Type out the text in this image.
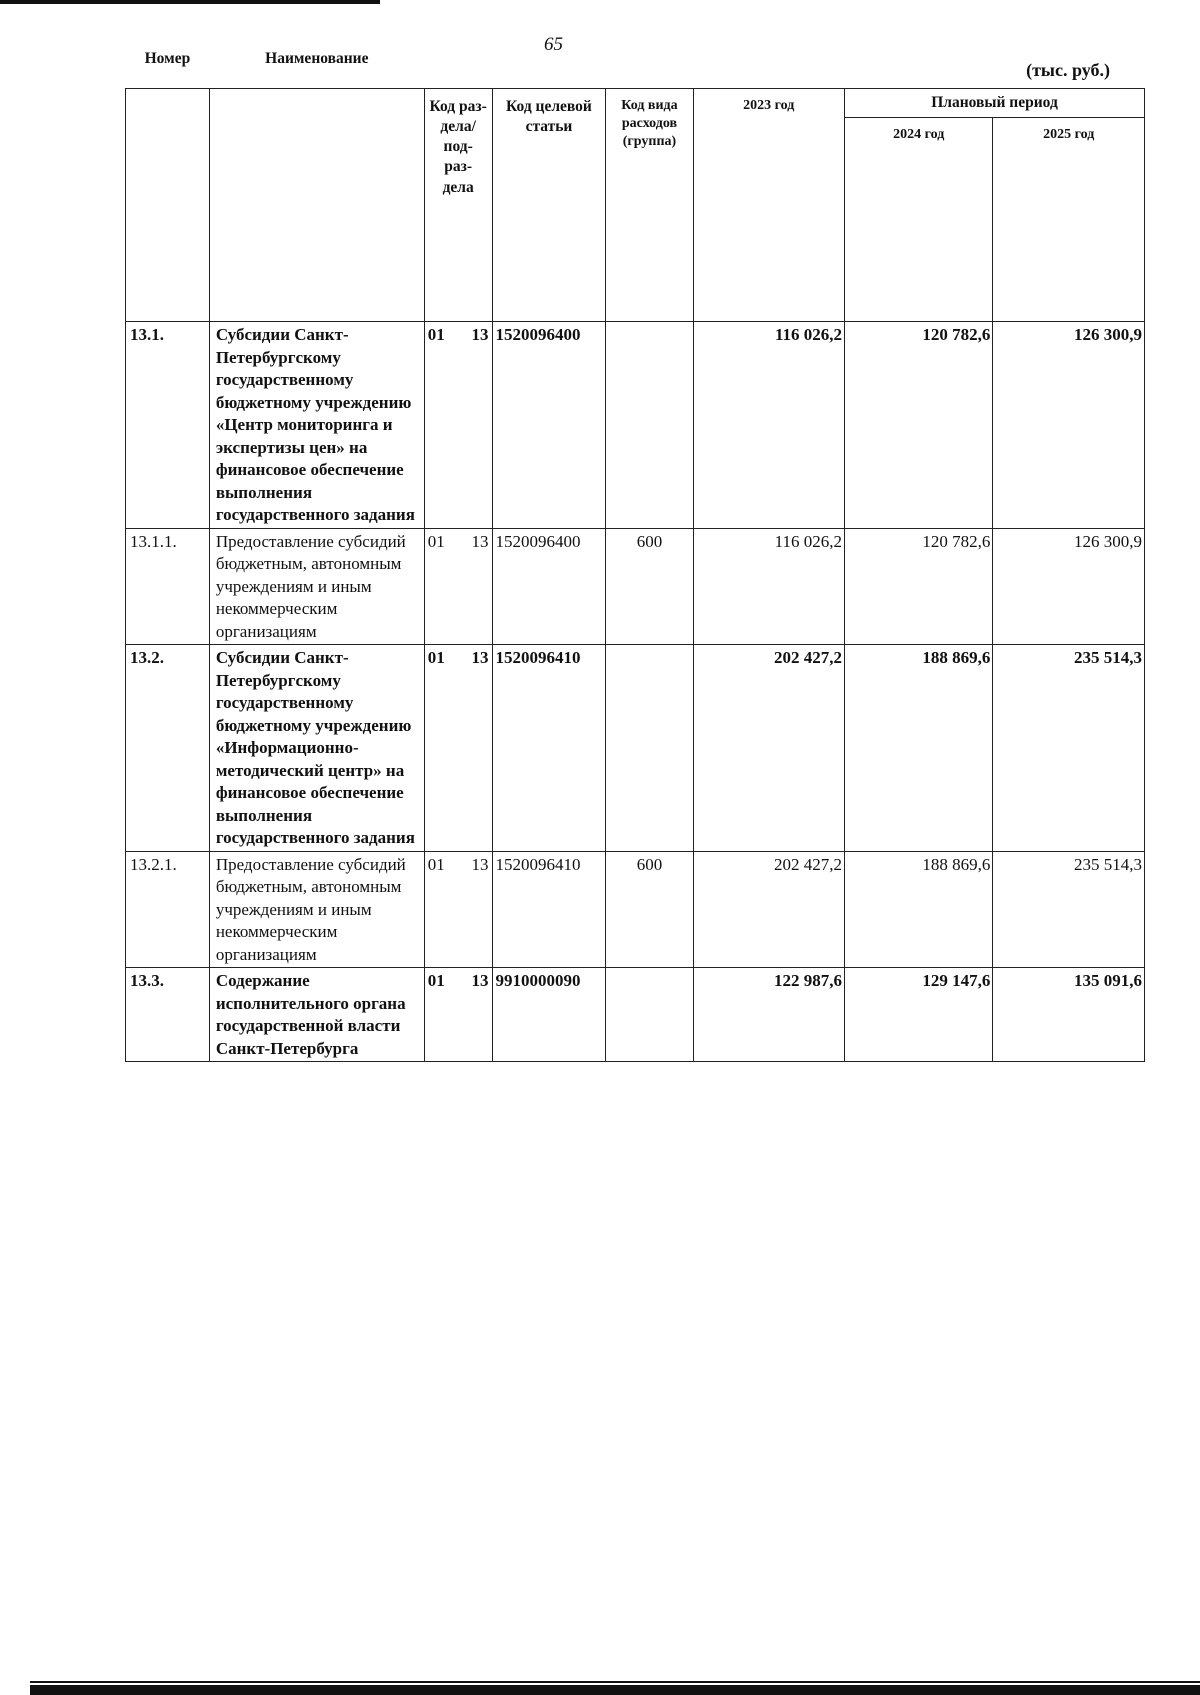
65
(тыс. руб.)
Номер	Наименование	Код раз- дела/ под- раз- дела	Код целевой статьи	Код вида расходов (группа)	2023 год	Плановый период	
						2024 год	2025 год
13.1.	Субсидии Санкт-Петербургскому государственному бюджетному учреждению «Центр мониторинга и экспертизы цен» на финансовое обеспечение выполнения государственного задания	01 13	1520096400		116 026,2	120 782,6	126 300,9
13.1.1.	Предоставление субсидий бюджетным, автономным учреждениям и иным некоммерческим организациям	01 13	1520096400	600	116 026,2	120 782,6	126 300,9
13.2.	Субсидии Санкт-Петербургскому государственному бюджетному учреждению «Информационно-методический центр» на финансовое обеспечение выполнения государственного задания	01 13	1520096410		202 427,2	188 869,6	235 514,3
13.2.1.	Предоставление субсидий бюджетным, автономным учреждениям и иным некоммерческим организациям	01 13	1520096410	600	202 427,2	188 869,6	235 514,3
13.3.	Содержание исполнительного органа государственной власти Санкт-Петербурга	01 13	9910000090		122 987,6	129 147,6	135 091,6
